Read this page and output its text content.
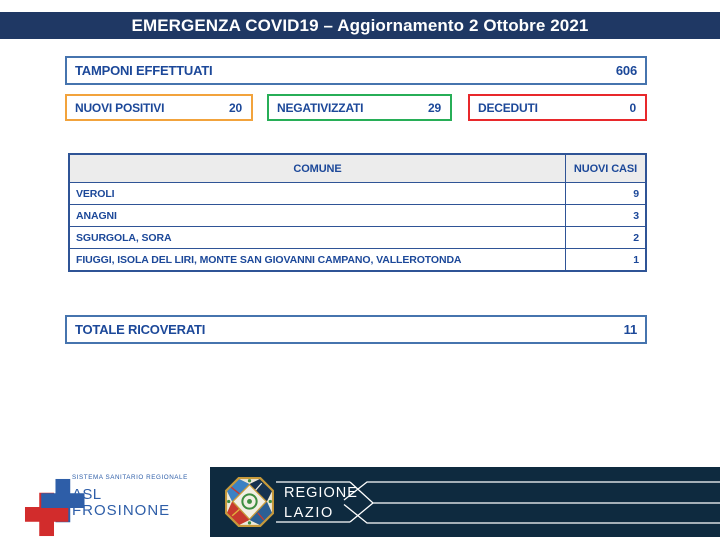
EMERGENZA COVID19 – Aggiornamento 2 Ottobre 2021
TAMPONI EFFETTUATI	606
NUOVI POSITIVI	20	NEGATIVIZZATI	29	DECEDUTI	0
COMUNE	NUOVI CASI
VEROLI	9
ANAGNI	3
SGURGOLA, SORA	2
FIUGGI, ISOLA DEL LIRI, MONTE SAN GIOVANNI CAMPANO, VALLEROTONDA	1
TOTALE RICOVERATI	11
SISTEMA SANITARIO REGIONALE
ASL
FROSINONE
REGIONE
LAZIO
